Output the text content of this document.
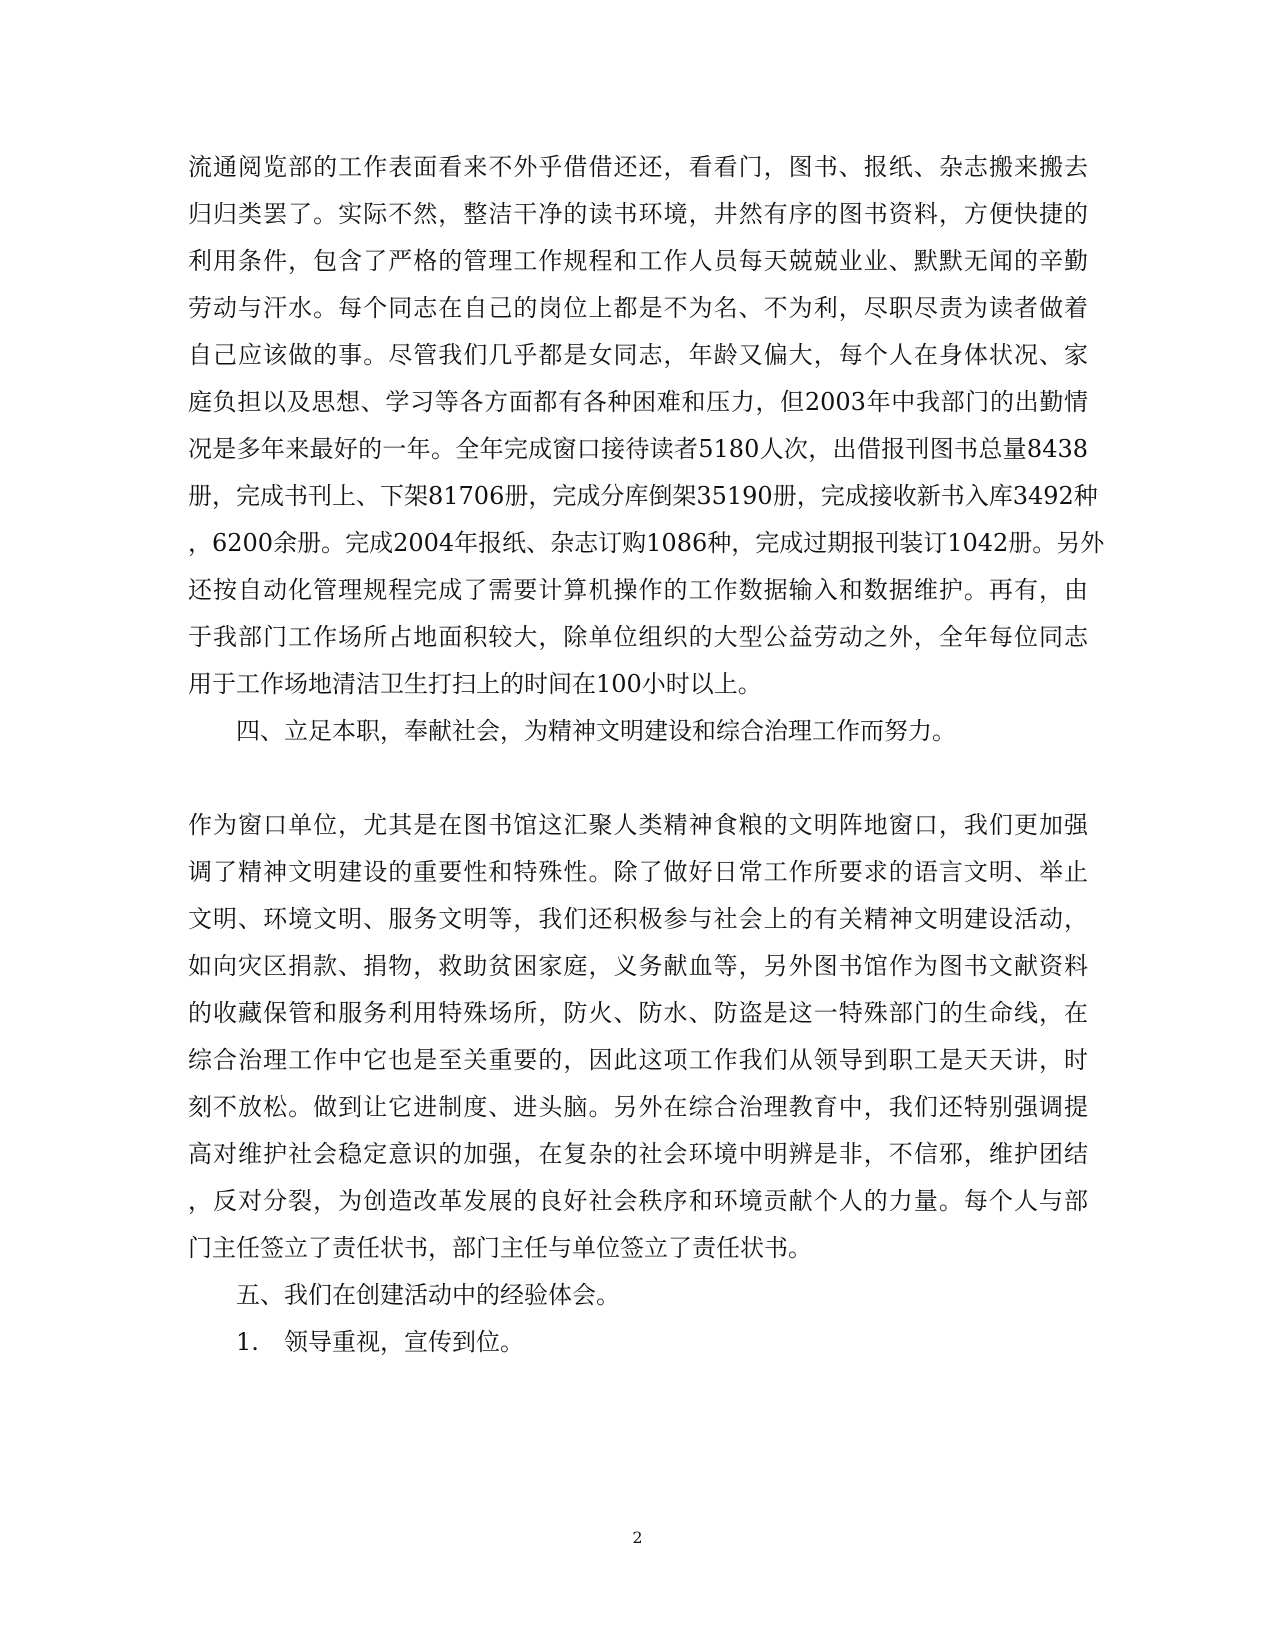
流通阅览部的工作表面看来不外乎借借还还，看看门，图书、报纸、杂志搬来搬去
归归类罢了。实际不然，整洁干净的读书环境，井然有序的图书资料，方便快捷的
利用条件，包含了严格的管理工作规程和工作人员每天兢兢业业、默默无闻的辛勤
劳动与汗水。每个同志在自己的岗位上都是不为名、不为利，尽职尽责为读者做着
自己应该做的事。尽管我们几乎都是女同志，年龄又偏大，每个人在身体状况、家
庭负担以及思想、学习等各方面都有各种困难和压力，但2003年中我部门的出勤情
况是多年来最好的一年。全年完成窗口接待读者5180人次，出借报刊图书总量8438
册，完成书刊上、下架81706册，完成分库倒架35190册，完成接收新书入库3492种
，6200余册。完成2004年报纸、杂志订购1086种，完成过期报刊装订1042册。另外
还按自动化管理规程完成了需要计算机操作的工作数据输入和数据维护。再有，由
于我部门工作场所占地面积较大，除单位组织的大型公益劳动之外，全年每位同志
用于工作场地清洁卫生打扫上的时间在100小时以上。
四、立足本职，奉献社会，为精神文明建设和综合治理工作而努力。
作为窗口单位，尤其是在图书馆这汇聚人类精神食粮的文明阵地窗口，我们更加强
调了精神文明建设的重要性和特殊性。除了做好日常工作所要求的语言文明、举止
文明、环境文明、服务文明等，我们还积极参与社会上的有关精神文明建设活动，
如向灾区捐款、捐物，救助贫困家庭，义务献血等，另外图书馆作为图书文献资料
的收藏保管和服务利用特殊场所，防火、防水、防盗是这一特殊部门的生命线，在
综合治理工作中它也是至关重要的，因此这项工作我们从领导到职工是天天讲，时
刻不放松。做到让它进制度、进头脑。另外在综合治理教育中，我们还特别强调提
高对维护社会稳定意识的加强，在复杂的社会环境中明辨是非，不信邪，维护团结
，反对分裂，为创造改革发展的良好社会秩序和环境贡献个人的力量。每个人与部
门主任签立了责任状书，部门主任与单位签立了责任状书。
五、我们在创建活动中的经验体会。
1. 领导重视，宣传到位。
2
